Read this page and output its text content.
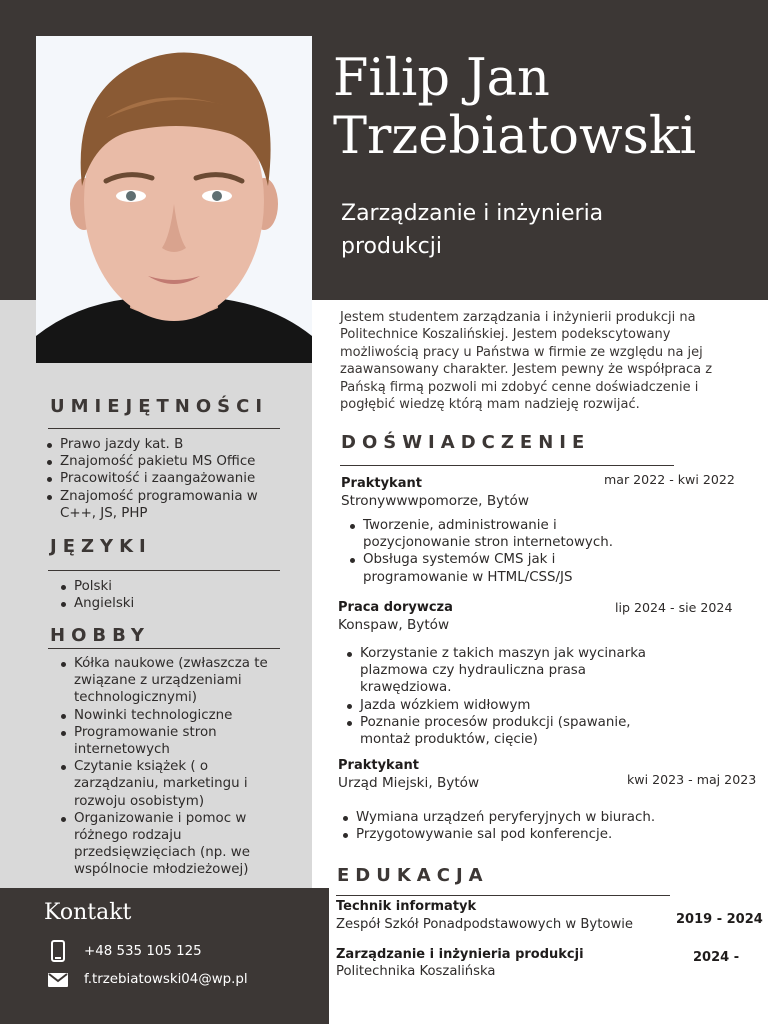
Filip Jan
Trzebiatowski
Zarządzanie i inżynieria produkcji

Jestem studentem zarządzania i inżynierii produkcji na Politechnice Koszalińskiej. Jestem podekscytowany możliwością pracy u Państwa w firmie ze względu na jej zaawansowany charakter. Jestem pewny że współpraca z Pańską firmą pozwoli mi zdobyć cenne doświadczenie i pogłębić wiedzę którą mam nadzieję rozwijać.

UMIEJĘTNOŚCI
Prawo jazdy kat. B
Znajomość pakietu MS Office
Pracowitość i zaangażowanie
Znajomość programowania w C++, JS, PHP
JĘZYKI
Polski
Angielski
HOBBY
Kółka naukowe (zwłaszcza te związane z urządzeniami technologicznymi)
Nowinki technologiczne
Programowanie stron internetowych
Czytanie książek ( o zarządzaniu, marketingu i rozwoju osobistym)
Organizowanie i pomoc w różnego rodzaju przedsięwzięciach (np. we wspólnocie młodzieżowej)
DOŚWIADCZENIE
Praktykant	mar 2022 - kwi 2022
Stronywwwpomorze, Bytów
Tworzenie, administrowanie i pozycjonowanie stron internetowych.
Obsługa systemów CMS jak i programowanie w HTML/CSS/JS
Praca dorywcza	lip 2024 - sie 2024
Konspaw, Bytów
Korzystanie z takich maszyn jak wycinarka plazmowa czy hydrauliczna prasa krawędziowa.
Jazda wózkiem widłowym
Poznanie procesów produkcji (spawanie, montaż produktów, cięcie)
Praktykant
kwi 2023 - maj 2023
Urząd Miejski, Bytów
Wymiana urządzeń peryferyjnych w biurach.
Przygotowywanie sal pod konferencje.
EDUKACJA
Technik informatyk
Zespół Szkół Ponadpodstawowych w Bytowie	2019 - 2024
Zarządzanie i inżynieria produkcji
Politechnika Koszalińska
2024 -
Kontakt
+48 535 105 125
f.trzebiatowski04@wp.pl
